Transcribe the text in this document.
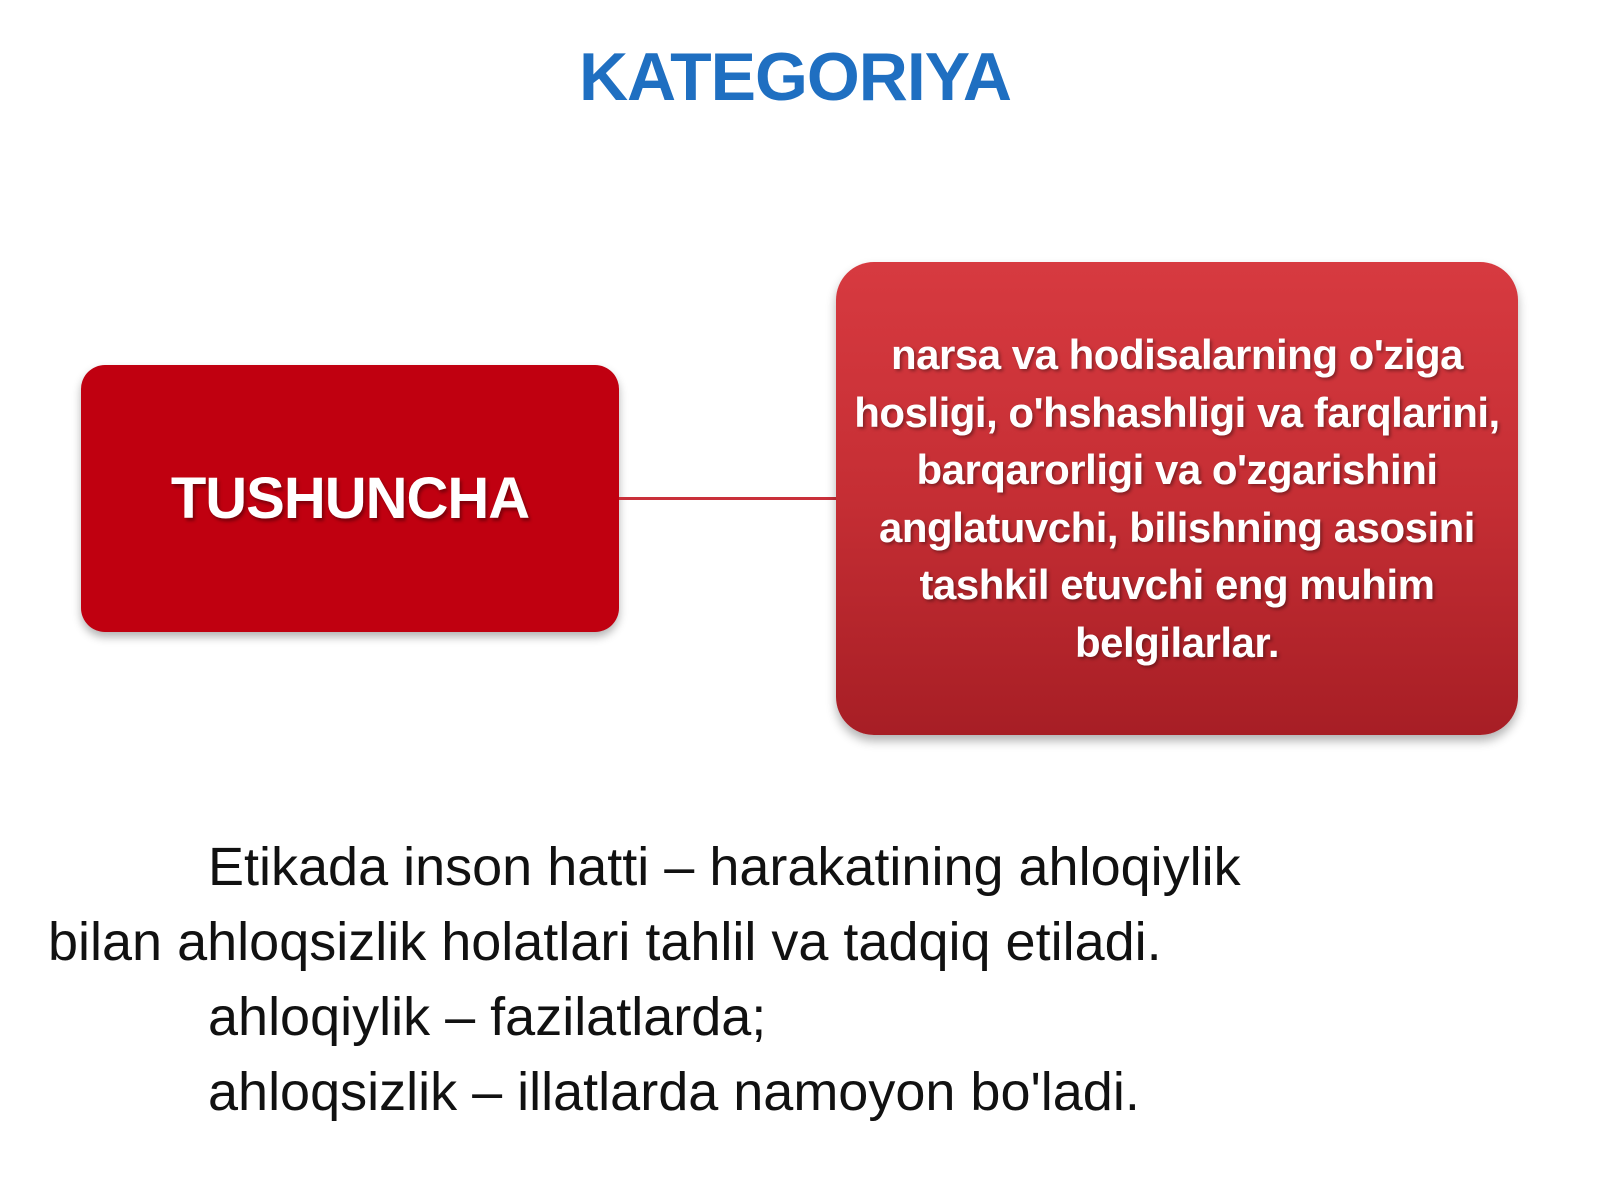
KATEGORIYA
TUSHUNCHA
narsa va hodisalarning o'ziga hosligi, o'hshashligi va farqlarini, barqarorligi va o'zgarishini anglatuvchi, bilishning asosini tashkil etuvchi eng muhim belgilarlar.
Etikada inson hatti – harakatining ahloqiylik
bilan ahloqsizlik holatlari tahlil va tadqiq etiladi.
ahloqiylik – fazilatlarda;
ahloqsizlik – illatlarda namoyon bo'ladi.
